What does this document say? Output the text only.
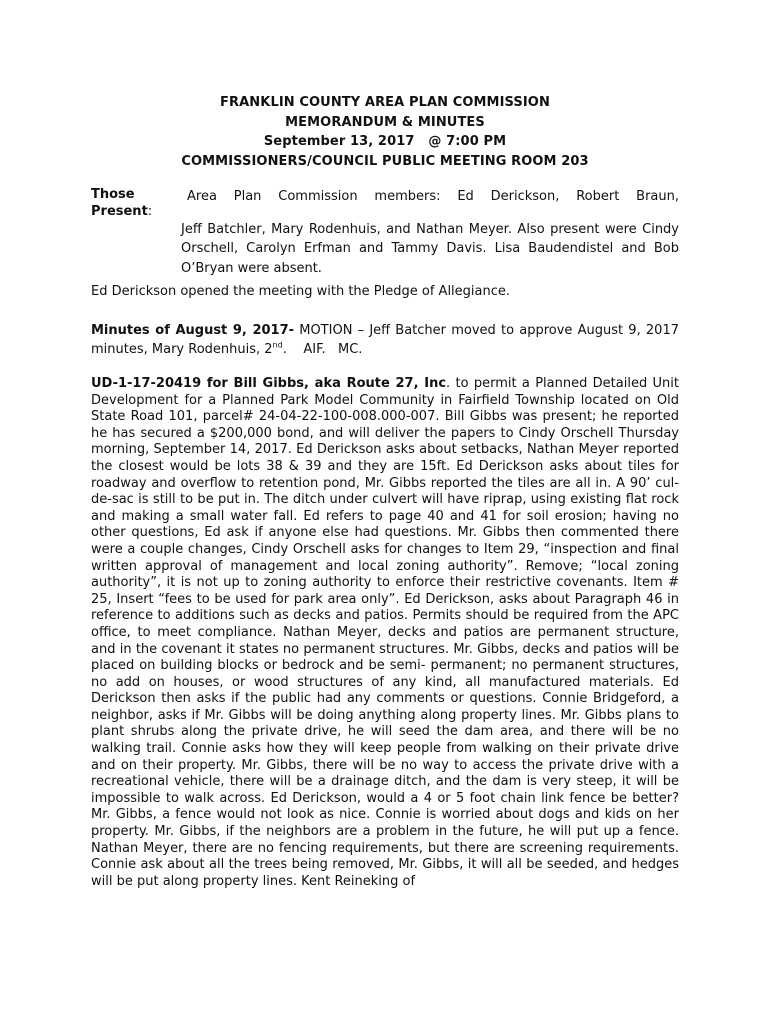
FRANKLIN COUNTY AREA PLAN COMMISSION
MEMORANDUM & MINUTES
September 13, 2017   @ 7:00 PM
COMMISSIONERS/COUNCIL PUBLIC MEETING ROOM 203
Those Present:
Area Plan Commission members: Ed Derickson, Robert Braun,
Jeff Batchler, Mary Rodenhuis, and Nathan Meyer. Also present were Cindy Orschell, Carolyn Erfman and Tammy Davis. Lisa Baudendistel and Bob O’Bryan were absent.
Ed Derickson opened the meeting with the Pledge of Allegiance.
Minutes of August 9, 2017- MOTION – Jeff Batcher moved to approve August 9, 2017 minutes, Mary Rodenhuis, 2nd.    AIF.   MC.
UD-1-17-20419 for Bill Gibbs, aka Route 27, Inc. to permit a Planned Detailed Unit Development for a Planned Park Model Community in Fairfield Township located on Old State Road 101, parcel# 24-04-22-100-008.000-007. Bill Gibbs was present; he reported he has secured a $200,000 bond, and will deliver the papers to Cindy Orschell Thursday morning, September 14, 2017. Ed Derickson asks about setbacks, Nathan Meyer reported the closest would be lots 38 & 39 and they are 15ft. Ed Derickson asks about tiles for roadway and overflow to retention pond, Mr. Gibbs reported the tiles are all in. A 90’ cul-de-sac is still to be put in. The ditch under culvert will have riprap, using existing flat rock and making a small water fall. Ed refers to page 40 and 41 for soil erosion; having no other questions, Ed ask if anyone else had questions. Mr. Gibbs then commented there were a couple changes, Cindy Orschell asks for changes to Item 29, “inspection and final written approval of management and local zoning authority”. Remove; “local zoning authority”, it is not up to zoning authority to enforce their restrictive covenants. Item # 25, Insert “fees to be used for park area only”. Ed Derickson, asks about Paragraph 46 in reference to additions such as decks and patios. Permits should be required from the APC office, to meet compliance. Nathan Meyer, decks and patios are permanent structure, and in the covenant it states no permanent structures. Mr. Gibbs, decks and patios will be placed on building blocks or bedrock and be semi- permanent; no permanent structures, no add on houses, or wood structures of any kind, all manufactured materials. Ed Derickson then asks if the public had any comments or questions. Connie Bridgeford, a neighbor, asks if Mr. Gibbs will be doing anything along property lines. Mr. Gibbs plans to plant shrubs along the private drive, he will seed the dam area, and there will be no walking trail. Connie asks how they will keep people from walking on their private drive and on their property. Mr. Gibbs, there will be no way to access the private drive with a recreational vehicle, there will be a drainage ditch, and the dam is very steep, it will be impossible to walk across. Ed Derickson, would a 4 or 5 foot chain link fence be better? Mr. Gibbs, a fence would not look as nice. Connie is worried about dogs and kids on her property. Mr. Gibbs, if the neighbors are a problem in the future, he will put up a fence. Nathan Meyer, there are no fencing requirements, but there are screening requirements. Connie ask about all the trees being removed, Mr. Gibbs, it will all be seeded, and hedges will be put along property lines. Kent Reineking of
